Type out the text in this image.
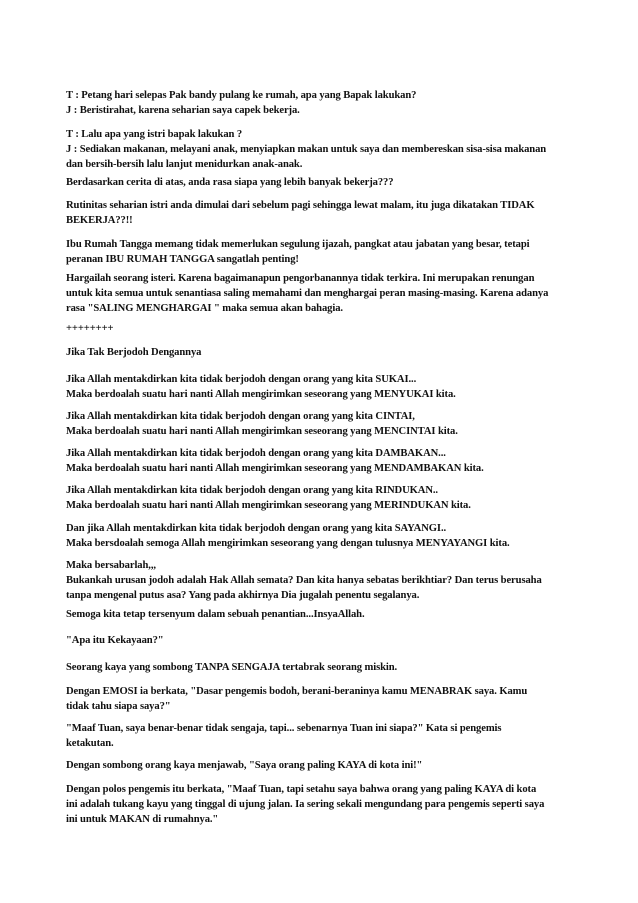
T : Petang hari selepas Pak bandy pulang ke rumah, apa yang Bapak lakukan?
J : Beristirahat, karena seharian saya capek bekerja.
T : Lalu apa yang istri bapak lakukan ?
J : Sediakan makanan, melayani anak, menyiapkan makan untuk saya dan membereskan sisa-sisa makanan
dan bersih-bersih lalu lanjut menidurkan anak-anak.
Berdasarkan cerita di atas, anda rasa siapa yang lebih banyak bekerja???
Rutinitas seharian istri anda dimulai dari sebelum pagi sehingga lewat malam, itu juga dikatakan TIDAK
BEKERJA??!!
Ibu Rumah Tangga memang tidak memerlukan segulung ijazah, pangkat atau jabatan yang besar, tetapi
peranan IBU RUMAH TANGGA sangatlah penting!
Hargailah seorang isteri. Karena bagaimanapun pengorbanannya tidak terkira. Ini merupakan renungan
untuk kita semua untuk senantiasa saling memahami dan menghargai peran masing-masing. Karena adanya
rasa "SALING MENGHARGAI " maka semua akan bahagia.
++++++++
Jika Tak Berjodoh Dengannya
Jika Allah mentakdirkan kita tidak berjodoh dengan orang yang kita SUKAI...
Maka berdoalah suatu hari nanti Allah mengirimkan seseorang yang MENYUKAI kita.
Jika Allah mentakdirkan kita tidak berjodoh dengan orang yang kita CINTAI,
Maka berdoalah suatu hari nanti Allah mengirimkan seseorang yang MENCINTAI kita.
Jika Allah mentakdirkan kita tidak berjodoh dengan orang yang kita DAMBAKAN...
Maka berdoalah suatu hari nanti Allah mengirimkan seseorang yang MENDAMBAKAN kita.
Jika Allah mentakdirkan kita tidak berjodoh dengan orang yang kita RINDUKAN..
Maka berdoalah suatu hari nanti Allah mengirimkan seseorang yang MERINDUKAN kita.
Dan jika Allah mentakdirkan kita tidak berjodoh dengan orang yang kita SAYANGI..
Maka bersdoalah semoga Allah mengirimkan seseorang yang dengan tulusnya MENYAYANGI kita.
Maka bersabarlah,,,
Bukankah urusan jodoh adalah Hak Allah semata? Dan kita hanya sebatas berikhtiar? Dan terus berusaha
tanpa mengenal putus asa? Yang pada akhirnya Dia jugalah penentu segalanya.
Semoga kita tetap tersenyum dalam sebuah penantian...InsyaAllah.
"Apa itu Kekayaan?"
Seorang kaya yang sombong TANPA SENGAJA tertabrak seorang miskin.
Dengan EMOSI ia berkata, "Dasar pengemis bodoh, berani-beraninya kamu MENABRAK saya. Kamu
tidak tahu siapa saya?"
"Maaf Tuan, saya benar-benar tidak sengaja, tapi... sebenarnya Tuan ini siapa?" Kata si pengemis
ketakutan.
Dengan sombong orang kaya menjawab, "Saya orang paling KAYA di kota ini!"
Dengan polos pengemis itu berkata, "Maaf Tuan, tapi setahu saya bahwa orang yang paling KAYA di kota
ini adalah tukang kayu yang tinggal di ujung jalan. Ia sering sekali mengundang para pengemis seperti saya
ini untuk MAKAN di rumahnya."
